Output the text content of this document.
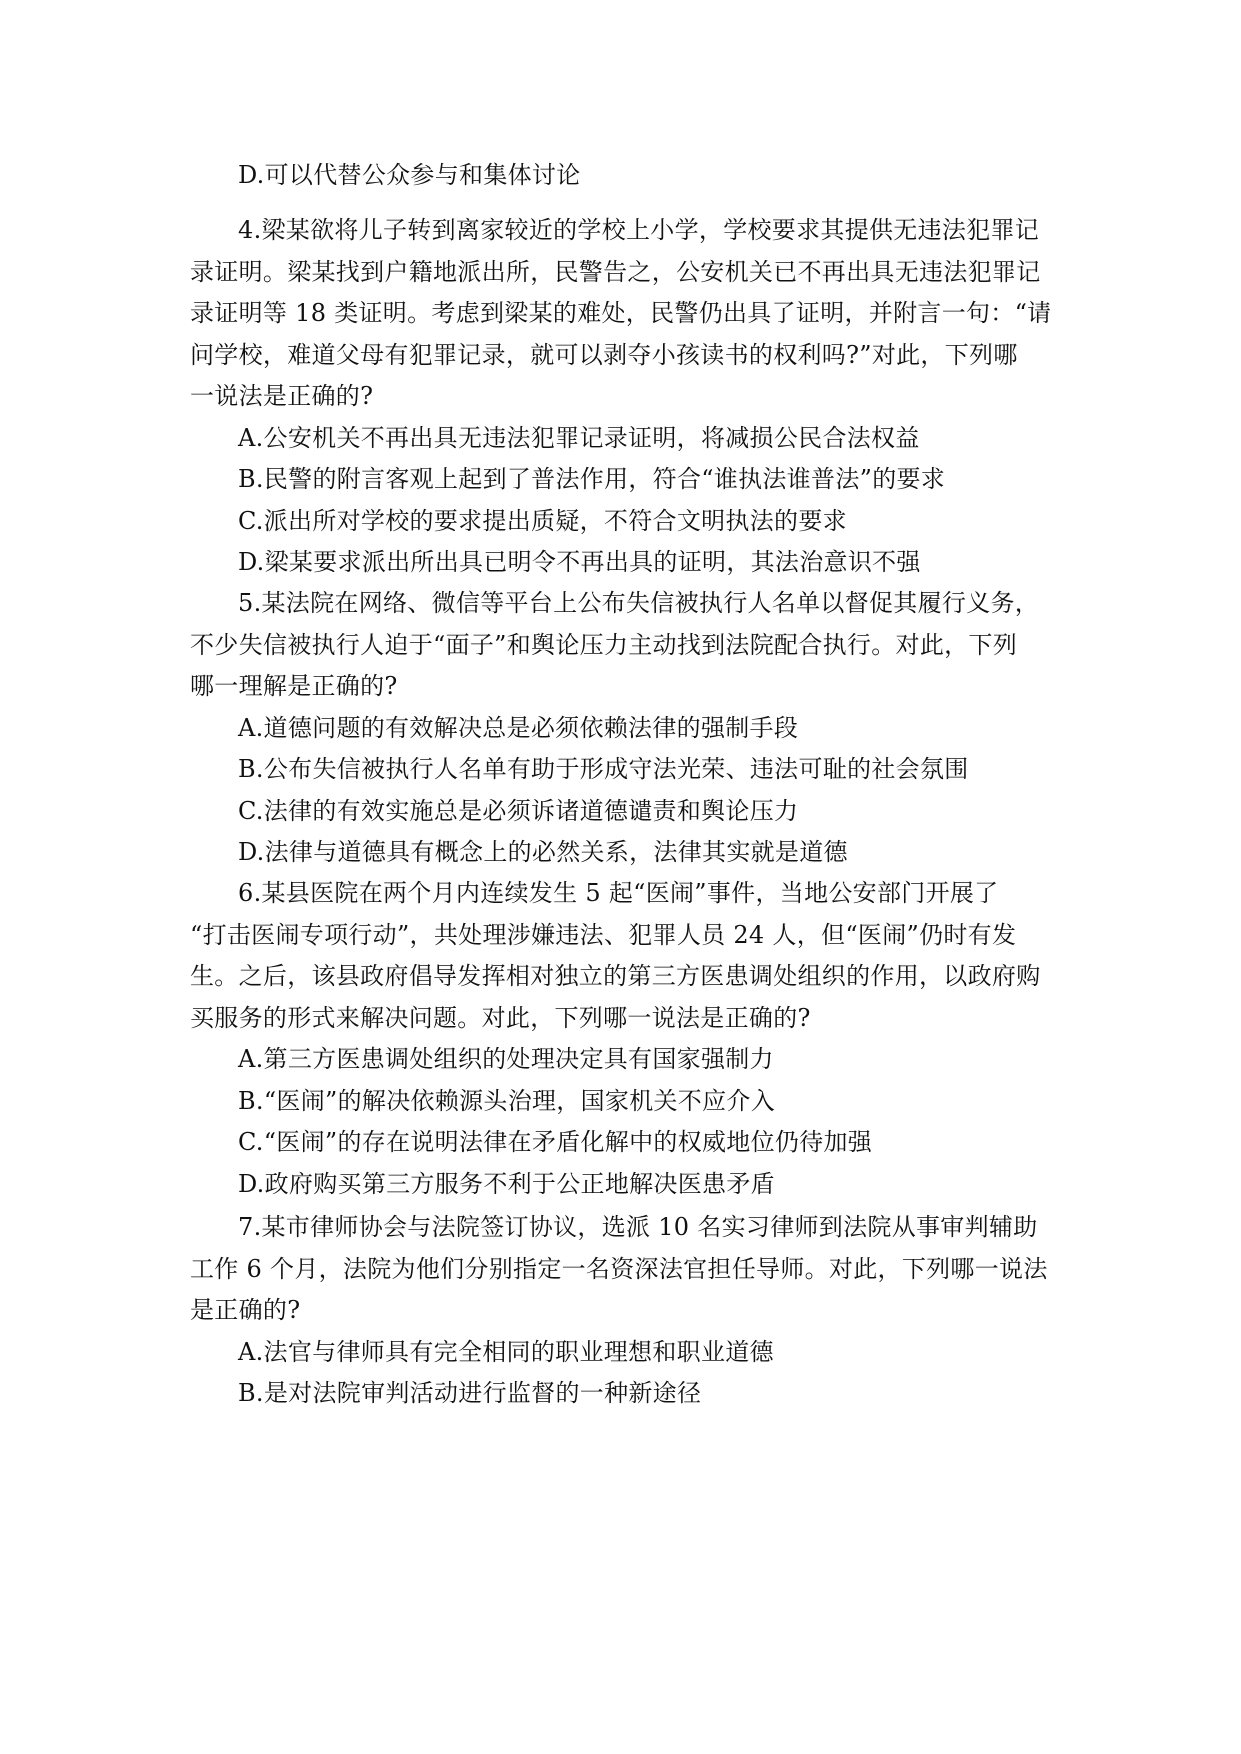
D.可以代替公众参与和集体讨论
4.梁某欲将儿子转到离家较近的学校上小学，学校要求其提供无违法犯罪记
录证明。梁某找到户籍地派出所，民警告之，公安机关已不再出具无违法犯罪记
录证明等 18 类证明。考虑到梁某的难处，民警仍出具了证明，并附言一句：“请
问学校，难道父母有犯罪记录，就可以剥夺小孩读书的权利吗?”对此，下列哪
一说法是正确的?
A.公安机关不再出具无违法犯罪记录证明，将减损公民合法权益
B.民警的附言客观上起到了普法作用，符合“谁执法谁普法”的要求
C.派出所对学校的要求提出质疑，不符合文明执法的要求
D.梁某要求派出所出具已明令不再出具的证明，其法治意识不强
5.某法院在网络、微信等平台上公布失信被执行人名单以督促其履行义务，
不少失信被执行人迫于“面子”和舆论压力主动找到法院配合执行。对此，下列
哪一理解是正确的?
A.道德问题的有效解决总是必须依赖法律的强制手段
B.公布失信被执行人名单有助于形成守法光荣、违法可耻的社会氛围
C.法律的有效实施总是必须诉诸道德谴责和舆论压力
D.法律与道德具有概念上的必然关系，法律其实就是道德
6.某县医院在两个月内连续发生 5 起“医闹”事件，当地公安部门开展了
“打击医闹专项行动”，共处理涉嫌违法、犯罪人员 24 人，但“医闹”仍时有发
生。之后，该县政府倡导发挥相对独立的第三方医患调处组织的作用，以政府购
买服务的形式来解决问题。对此，下列哪一说法是正确的?
A.第三方医患调处组织的处理决定具有国家强制力
B.“医闹”的解决依赖源头治理，国家机关不应介入
C.“医闹”的存在说明法律在矛盾化解中的权威地位仍待加强
D.政府购买第三方服务不利于公正地解决医患矛盾
7.某市律师协会与法院签订协议，选派 10 名实习律师到法院从事审判辅助
工作 6 个月，法院为他们分别指定一名资深法官担任导师。对此，下列哪一说法
是正确的?
A.法官与律师具有完全相同的职业理想和职业道德
B.是对法院审判活动进行监督的一种新途径
